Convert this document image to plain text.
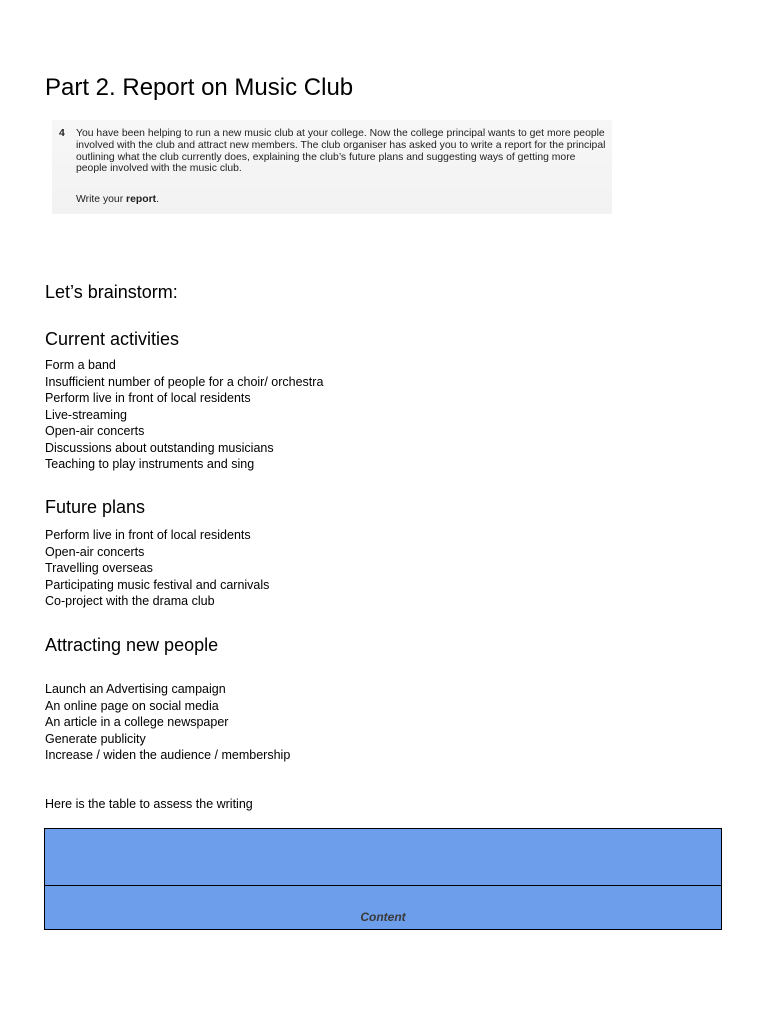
Part 2. Report on Music Club
4 You have been helping to run a new music club at your college. Now the college principal wants to get more people involved with the club and attract new members. The club organiser has asked you to write a report for the principal outlining what the club currently does, explaining the club’s future plans and suggesting ways of getting more people involved with the music club.
Write your report.
Let’s brainstorm:
Current activities
Form a band
Insufficient number of people for a choir/ orchestra
Perform live in front of local residents
Live-streaming
Open-air concerts
Discussions about outstanding musicians
Teaching to play instruments and sing
Future plans
Perform live in front of local residents
Open-air concerts
Travelling overseas
Participating music festival and carnivals
Co-project with the drama club
Attracting new people
Launch an Advertising campaign
An online page on social media
An article in a college newspaper
Generate publicity
Increase / widen the audience / membership

Here is the table to assess the writing

Content
